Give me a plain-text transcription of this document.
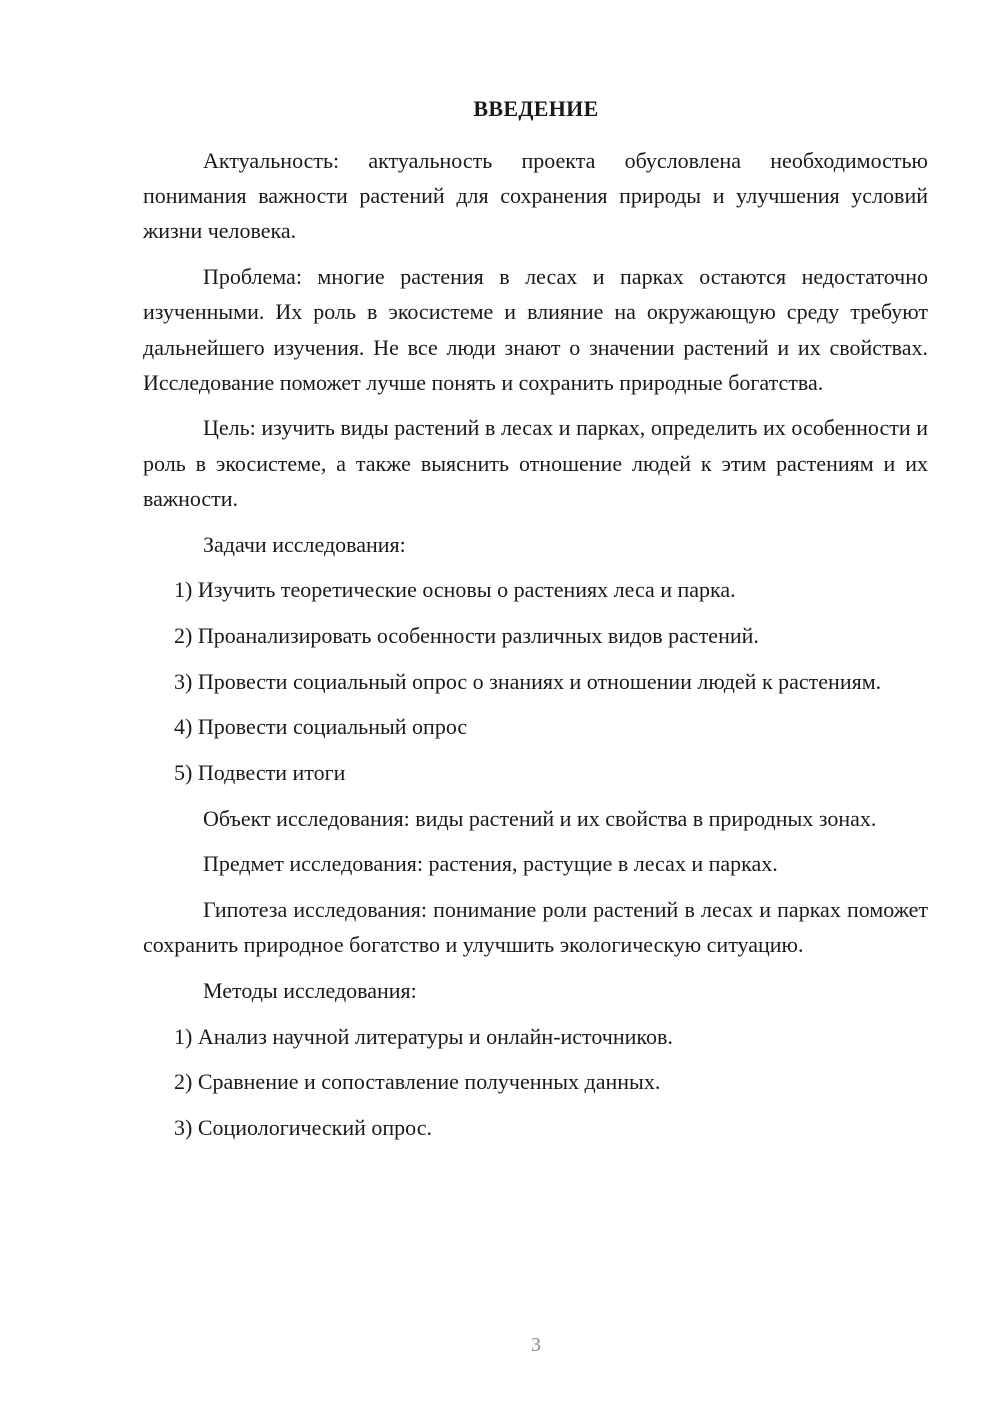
ВВЕДЕНИЕ

Актуальность: актуальность проекта обусловлена необходимостью понимания важности растений для сохранения природы и улучшения условий жизни человека.

Проблема: многие растения в лесах и парках остаются недостаточно изученными. Их роль в экосистеме и влияние на окружающую среду требуют дальнейшего изучения. Не все люди знают о значении растений и их свойствах. Исследование поможет лучше понять и сохранить природные богатства.

Цель: изучить виды растений в лесах и парках, определить их особенности и роль в экосистеме, а также выяснить отношение людей к этим растениям и их важности.

Задачи исследования:

1) Изучить теоретические основы о растениях леса и парка.

2) Проанализировать особенности различных видов растений.

3) Провести социальный опрос о знаниях и отношении людей к растениям.

4) Провести социальный опрос

5) Подвести итоги

Объект исследования: виды растений и их свойства в природных зонах.

Предмет исследования: растения, растущие в лесах и парках.

Гипотеза исследования: понимание роли растений в лесах и парках поможет сохранить природное богатство и улучшить экологическую ситуацию.

Методы исследования:

1) Анализ научной литературы и онлайн-источников.

2) Сравнение и сопоставление полученных данных.

3) Социологический опрос.

3
